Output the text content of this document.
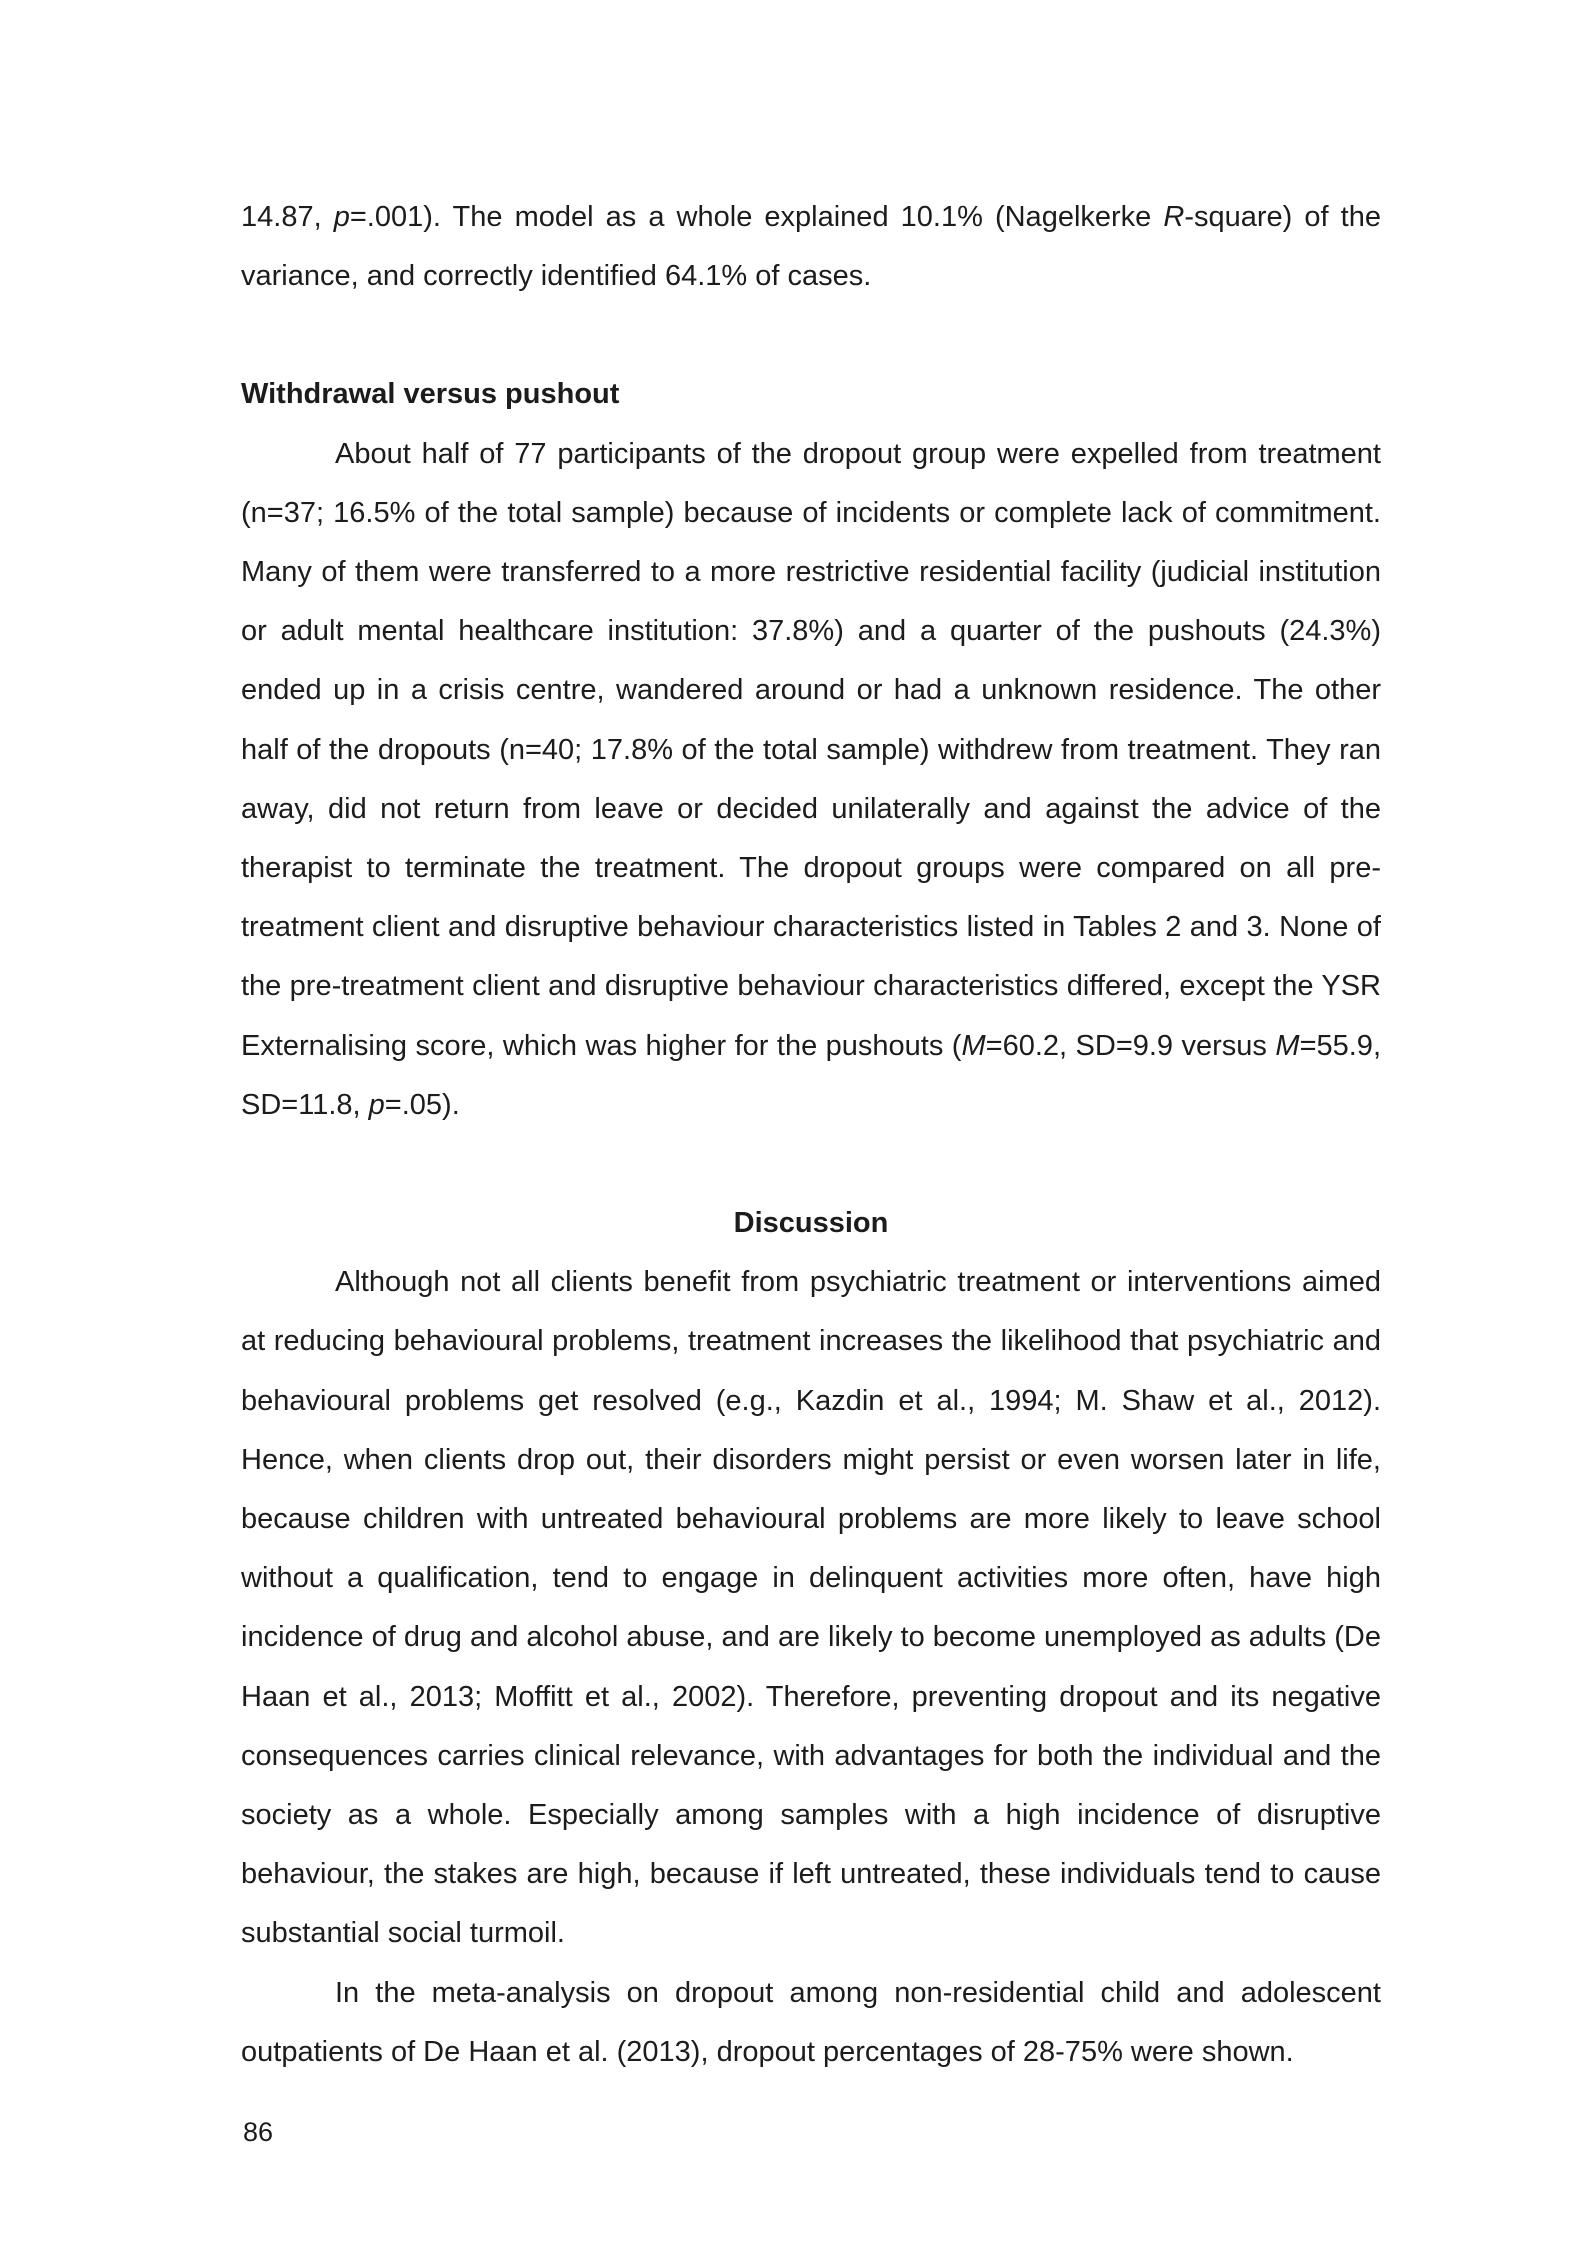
14.87, p=.001). The model as a whole explained 10.1% (Nagelkerke R-square) of the variance, and correctly identified 64.1% of cases.

Withdrawal versus pushout

About half of 77 participants of the dropout group were expelled from treatment (n=37; 16.5% of the total sample) because of incidents or complete lack of commitment. Many of them were transferred to a more restrictive residential facility (judicial institution or adult mental healthcare institution: 37.8%) and a quarter of the pushouts (24.3%) ended up in a crisis centre, wandered around or had a unknown residence. The other half of the dropouts (n=40; 17.8% of the total sample) withdrew from treatment. They ran away, did not return from leave or decided unilaterally and against the advice of the therapist to terminate the treatment. The dropout groups were compared on all pre-treatment client and disruptive behaviour characteristics listed in Tables 2 and 3. None of the pre-treatment client and disruptive behaviour characteristics differed, except the YSR Externalising score, which was higher for the pushouts (M=60.2, SD=9.9 versus M=55.9, SD=11.8, p=.05).

Discussion

Although not all clients benefit from psychiatric treatment or interventions aimed at reducing behavioural problems, treatment increases the likelihood that psychiatric and behavioural problems get resolved (e.g., Kazdin et al., 1994; M. Shaw et al., 2012). Hence, when clients drop out, their disorders might persist or even worsen later in life, because children with untreated behavioural problems are more likely to leave school without a qualification, tend to engage in delinquent activities more often, have high incidence of drug and alcohol abuse, and are likely to become unemployed as adults (De Haan et al., 2013; Moffitt et al., 2002). Therefore, preventing dropout and its negative consequences carries clinical relevance, with advantages for both the individual and the society as a whole. Especially among samples with a high incidence of disruptive behaviour, the stakes are high, because if left untreated, these individuals tend to cause substantial social turmoil.

In the meta-analysis on dropout among non-residential child and adolescent outpatients of De Haan et al. (2013), dropout percentages of 28-75% were shown.

86
